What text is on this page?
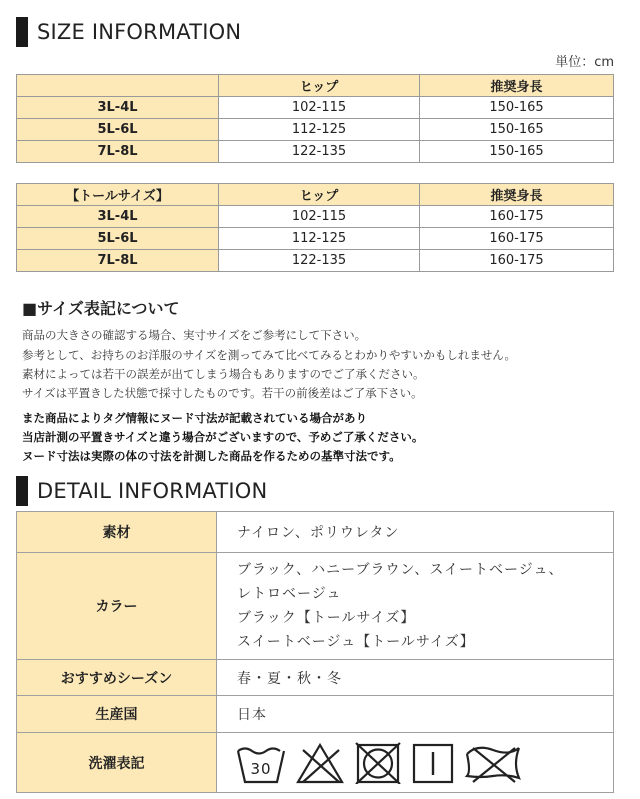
SIZE INFORMATION
単位：cm
	ヒップ	推奨身長
3L-4L	102-115	150-165
5L-6L	112-125	150-165
7L-8L	122-135	150-165
【トールサイズ】	ヒップ	推奨身長
3L-4L	102-115	160-175
5L-6L	112-125	160-175
7L-8L	122-135	160-175
■サイズ表記について
商品の大きさの確認する場合、実寸サイズをご参考にして下さい。
参考として、お持ちのお洋服のサイズを測ってみて比べてみるとわかりやすいかもしれません。
素材によっては若干の誤差が出てしまう場合もありますのでご了承ください。
サイズは平置きした状態で採寸したものです。若干の前後差はご了承下さい。
また商品によりタグ情報にヌード寸法が記載されている場合があり
当店計測の平置きサイズと違う場合がございますので、予めご了承ください。
ヌード寸法は実際の体の寸法を計測した商品を作るための基準寸法です。
DETAIL INFORMATION
素材	ナイロン、ポリウレタン
カラー	ブラック、ハニーブラウン、スイートベージュ、
レトロベージュ
ブラック【トールサイズ】
スイートベージュ【トールサイズ】

おすすめシーズン	春・夏・秋・冬
生産国	日本
洗濯表記	30
